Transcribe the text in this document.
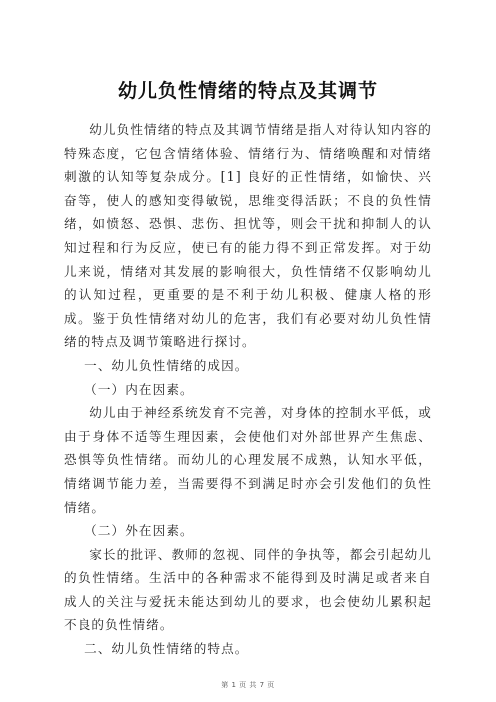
幼儿负性情绪的特点及其调节

幼儿负性情绪的特点及其调节情绪是指人对待认知内容的特殊态度，它包含情绪体验、情绪行为、情绪唤醒和对情绪刺激的认知等复杂成分。[1] 良好的正性情绪，如愉快、兴奋等，使人的感知变得敏锐，思维变得活跃；不良的负性情绪，如愤怒、恐惧、悲伤、担忧等，则会干扰和抑制人的认知过程和行为反应，使已有的能力得不到正常发挥。对于幼儿来说，情绪对其发展的影响很大，负性情绪不仅影响幼儿的认知过程，更重要的是不利于幼儿积极、健康人格的形成。鉴于负性情绪对幼儿的危害，我们有必要对幼儿负性情绪的特点及调节策略进行探讨。

一、幼儿负性情绪的成因。

（一）内在因素。

幼儿由于神经系统发育不完善，对身体的控制水平低，或由于身体不适等生理因素，会使他们对外部世界产生焦虑、恐惧等负性情绪。而幼儿的心理发展不成熟，认知水平低，情绪调节能力差，当需要得不到满足时亦会引发他们的负性情绪。

（二）外在因素。

家长的批评、教师的忽视、同伴的争执等，都会引起幼儿的负性情绪。生活中的各种需求不能得到及时满足或者来自成人的关注与爱抚未能达到幼儿的要求，也会使幼儿累积起不良的负性情绪。

二、幼儿负性情绪的特点。

第 1 页 共 7 页
